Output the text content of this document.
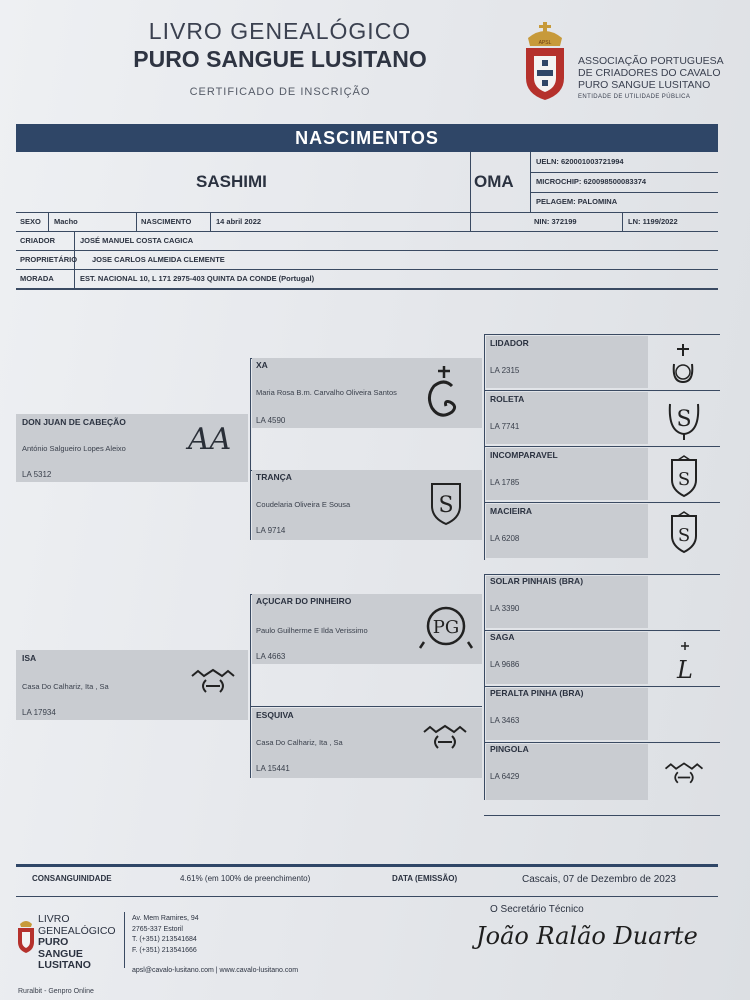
LIVRO GENEALÓGICO
PURO SANGUE LUSITANO
CERTIFICADO DE INSCRIÇÃO
APSL
ASSOCIAÇÃO PORTUGUESA
DE CRIADORES DO CAVALO
PURO SANGUE LUSITANO
ENTIDADE DE UTILIDADE PÚBLICA
NASCIMENTOS
SASHIMI	OMA
UELN: 620001003721994
MICROCHIP: 620098500083374
PELAGEM: PALOMINA
SEXO Macho	NASCIMENTO	14 abril 2022	NIN: 372199	LN: 1199/2022
CRIADOR	JOSÉ MANUEL COSTA CAGICA
PROPRIETÁRIO JOSE CARLOS ALMEIDA CLEMENTE
MORADA	EST. NACIONAL 10, L 171 2975-403 QUINTA DA CONDE (Portugal)
DON JUAN DE CABEÇÃO
António Salgueiro Lopes Aleixo
LA 5312
AA
ISA
Casa Do Calhariz, Ita , Sa
LA 17934
XA
Maria Rosa B.m. Carvalho Oliveira Santos
LA 4590
TRANÇA
Coudelaria Oliveira E Sousa
LA 9714
S
AÇUCAR DO PINHEIRO
Paulo Guilherme E Ilda Verissimo
LA 4663
PG
ESQUIVA
Casa Do Calhariz, Ita , Sa
LA 15441
LIDADOR
LA 2315
ROLETA
LA 7741	S
INCOMPARAVEL
LA 1785	S
MACIEIRA
LA 6208	S
SOLAR PINHAIS (BRA)
LA 3390
SAGA
LA 9686	L
PERALTA PINHA (BRA)
LA 3463
PINGOLA
LA 6429
CONSANGUINIDADE	4.61% (em 100% de preenchimento)	DATA (EMISSÃO)	Cascais, 07 de Dezembro de 2023
O Secretário Técnico
João Ralão Duarte
LIVRO
GENEALÓGICO
PURO
SANGUE
LUSITANO
Av. Mem Ramires, 94
2765-337 Estoril
T. (+351) 213541684
F. (+351) 213541666
apsl@cavalo-lusitano.com | www.cavalo-lusitano.com
Ruralbit - Genpro Online
